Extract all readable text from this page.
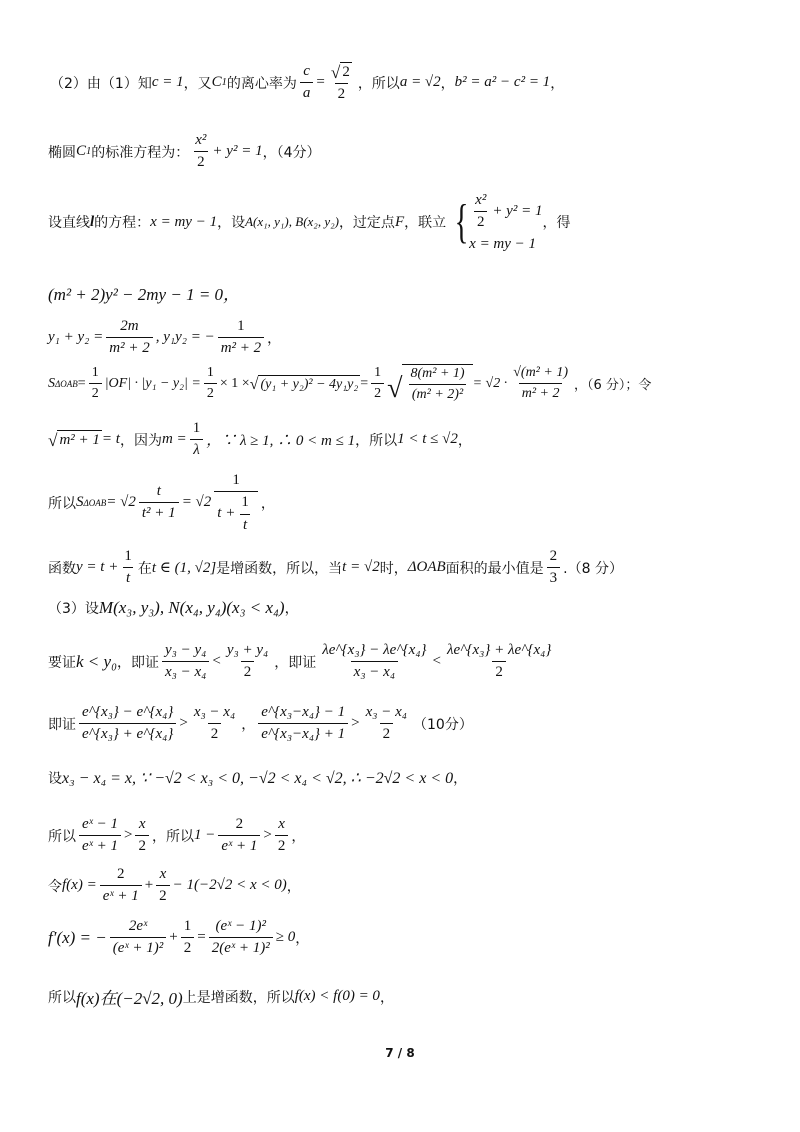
（2）由（1）知 c = 1 ，又 C 1 的离心率为 $\frac{c}{a} = \frac{√ 2}{2}$ ，所以 a = √2 ， b² = a² − c² = 1 ，
椭圆 C 1 的标准方程为： $\frac{\text{x²}}{2} + y^2 = 1$ ，（4分）
设直线 l 的方程： x = my − 1 ，设 A(x₁, y₁), B(x₂, y₂) ，过定点 F ，联立 { $\frac{\text{x²}}{2} + y^2 = 1$
x = my − 1
，得
(m² + 2)y² − 2my − 1 = 0，
$y_1 + y_2 = \frac{2m}{\text{m² + 2}}$ , y₁y₂ = − $\frac{1}{\text{m² + 2}}$ ，
S $\Delta OAB = \frac{1}{2} |OF| \cdot |y_1 - y_2| = \frac{1}{2} \times 1$ × √ $(y_1 + y_2)^2 - 4y_1y_2 = \frac{1}{2}$ √ $\frac{\text{8(m² + 1)}}{\text{(m² + 2)²}} = √2 \cdot \frac{\text{√(m² + 1)}}{\text{m² + 2}}$ ，（6 分）；令
√ m² + 1 = t ，因为 $m = \frac{1}{\lambda}$ ，∵ λ ≥ 1, ∴ 0 < m ≤ 1 ，所以 1 < t ≤ √2 ，
所以 S $\Delta OAB = √2 \frac{t}{\text{t² + 1}} = √2 \frac{1}{t + \frac{1}{t}}$ ，
函数 $y = t + \frac{1}{t}$ 在 t ∈ (1, √2] 是增函数，所以，当 t = √2 时， ΔOAB 面积的最小值是 $\frac{2}{3} .(8$ 分）
（3）设 M(x₃, y₃), N(x₄, y₄)(x₃ < x₄) ，
要证 k < y₀ ，即证 $\frac{\text{y₃ − y₄}}{\text{x₃ − x₄}} < \frac{\text{y₃ + y₄}}{2}$ ，即证 $\frac{\text{λe\textasciicircum{}\{x₃\} − λe\textasciicircum{}\{x₄\}}}{\text{x₃ − x₄}} < \frac{\text{λe\textasciicircum{}\{x₃\} + λe\textasciicircum{}\{x₄\}}}{2}$
即证 $\frac{\text{e\textasciicircum{}\{x₃\} − e\textasciicircum{}\{x₄\}}}{\text{e\textasciicircum{}\{x₃\} + e\textasciicircum{}\{x₄\}}} > \frac{\text{x₃ − x₄}}{2}$ ， $\frac{\text{e\textasciicircum{}\{x₃−x₄\} − 1}}{\text{e\textasciicircum{}\{x₃−x₄\} + 1}} > \frac{\text{x₃ − x₄}}{2} (10$分）
设 x₃ − x₄ = x, ∵ −√2 < x₃ < 0, −√2 < x₄ < √2, ∴ −2√2 < x < 0 ，
所以 $\frac{\text{eˣ − 1}}{\text{eˣ + 1}} > \frac{x}{2}$ ，所以 $1 - \frac{2}{\text{eˣ + 1}} > \frac{x}{2}$ ，
令 $f(x) = \frac{2}{\text{eˣ + 1}} + \frac{x}{2} - 1(-2√2 < x < 0)$ ，
f′(x) = − $\frac{\text{2eˣ}}{\text{(eˣ + 1)²}} + \frac{1}{2} = \frac{\text{(eˣ − 1)²}}{\text{2(eˣ + 1)²}} \ge 0$ ，
所以 f(x)在(−2√2, 0) 上是增函数，所以 f(x) < f(0) = 0 ，
7 / 8
